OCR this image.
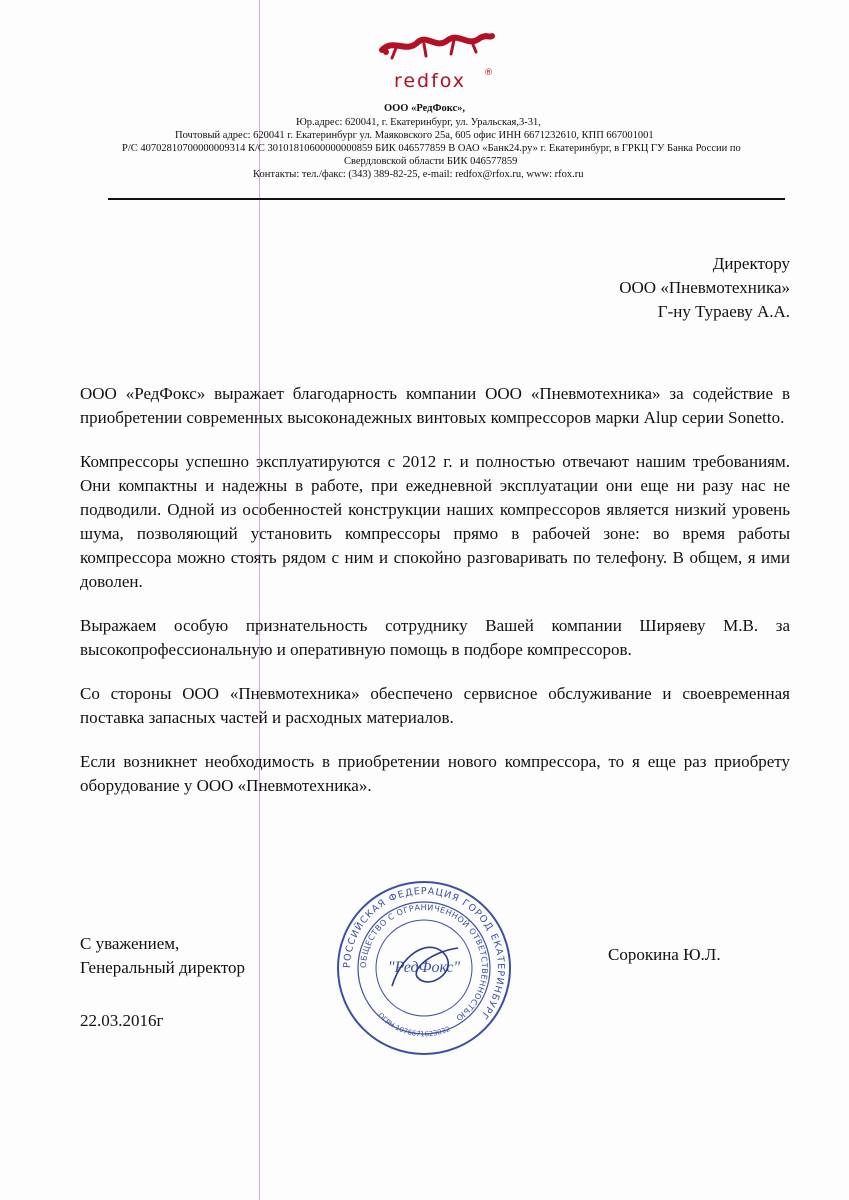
redfox	®
ООО «РедФокс»,
Юр.адрес: 620041, г. Екатеринбург, ул. Уральская,3-31,
Почтовый адрес: 620041 г. Екатеринбург ул. Маяковского 25а, 605 офис ИНН 6671232610, КПП 667001001
Р/С 40702810700000009314 К/С 30101810600000000859 БИК 046577859 В ОАО «Банк24.ру» г. Екатеринбург, в ГРКЦ ГУ Банка России по
Свердловской области БИК 046577859
Контакты: тел./факс: (343) 389-82-25, e-mail: redfox@rfox.ru, www: rfox.ru
Директору
ООО «Пневмотехника»
Г-ну Тураеву А.А.

ООО «РедФокс» выражает благодарность компании ООО «Пневмотехника» за содействие в приобретении современных высоконадежных винтовых компрессоров марки Alup серии Sonetto.

Компрессоры успешно эксплуатируются с 2012 г. и полностью отвечают нашим требованиям. Они компактны и надежны в работе, при ежедневной эксплуатации они еще ни разу нас не подводили. Одной из особенностей конструкции наших компрессоров является низкий уровень шума, позволяющий установить компрессоры прямо в рабочей зоне: во время работы компрессора можно стоять рядом с ним и спокойно разговаривать по телефону. В общем, я ими доволен.

Выражаем особую признательность сотруднику Вашей компании Ширяеву М.В. за высокопрофессиональную и оперативную помощь в подборе компрессоров.

Со стороны ООО «Пневмотехника» обеспечено сервисное обслуживание и своевременная поставка запасных частей и расходных материалов.

Если возникнет необходимость в приобретении нового компрессора, то я еще раз приобрету оборудование у ООО «Пневмотехника».

С уважением,
Генеральный директор
Сорокина Ю.Л.
22.03.2016г
РОССИЙСКАЯ ФЕДЕРАЦИЯ ГОРОД ЕКАТЕРИНБУРГ
ОБЩЕСТВО С ОГРАНИЧЕННОЙ ОТВЕТСТВЕННОСТЬЮ
"РедФокс"
ОГРН 1076671623032
